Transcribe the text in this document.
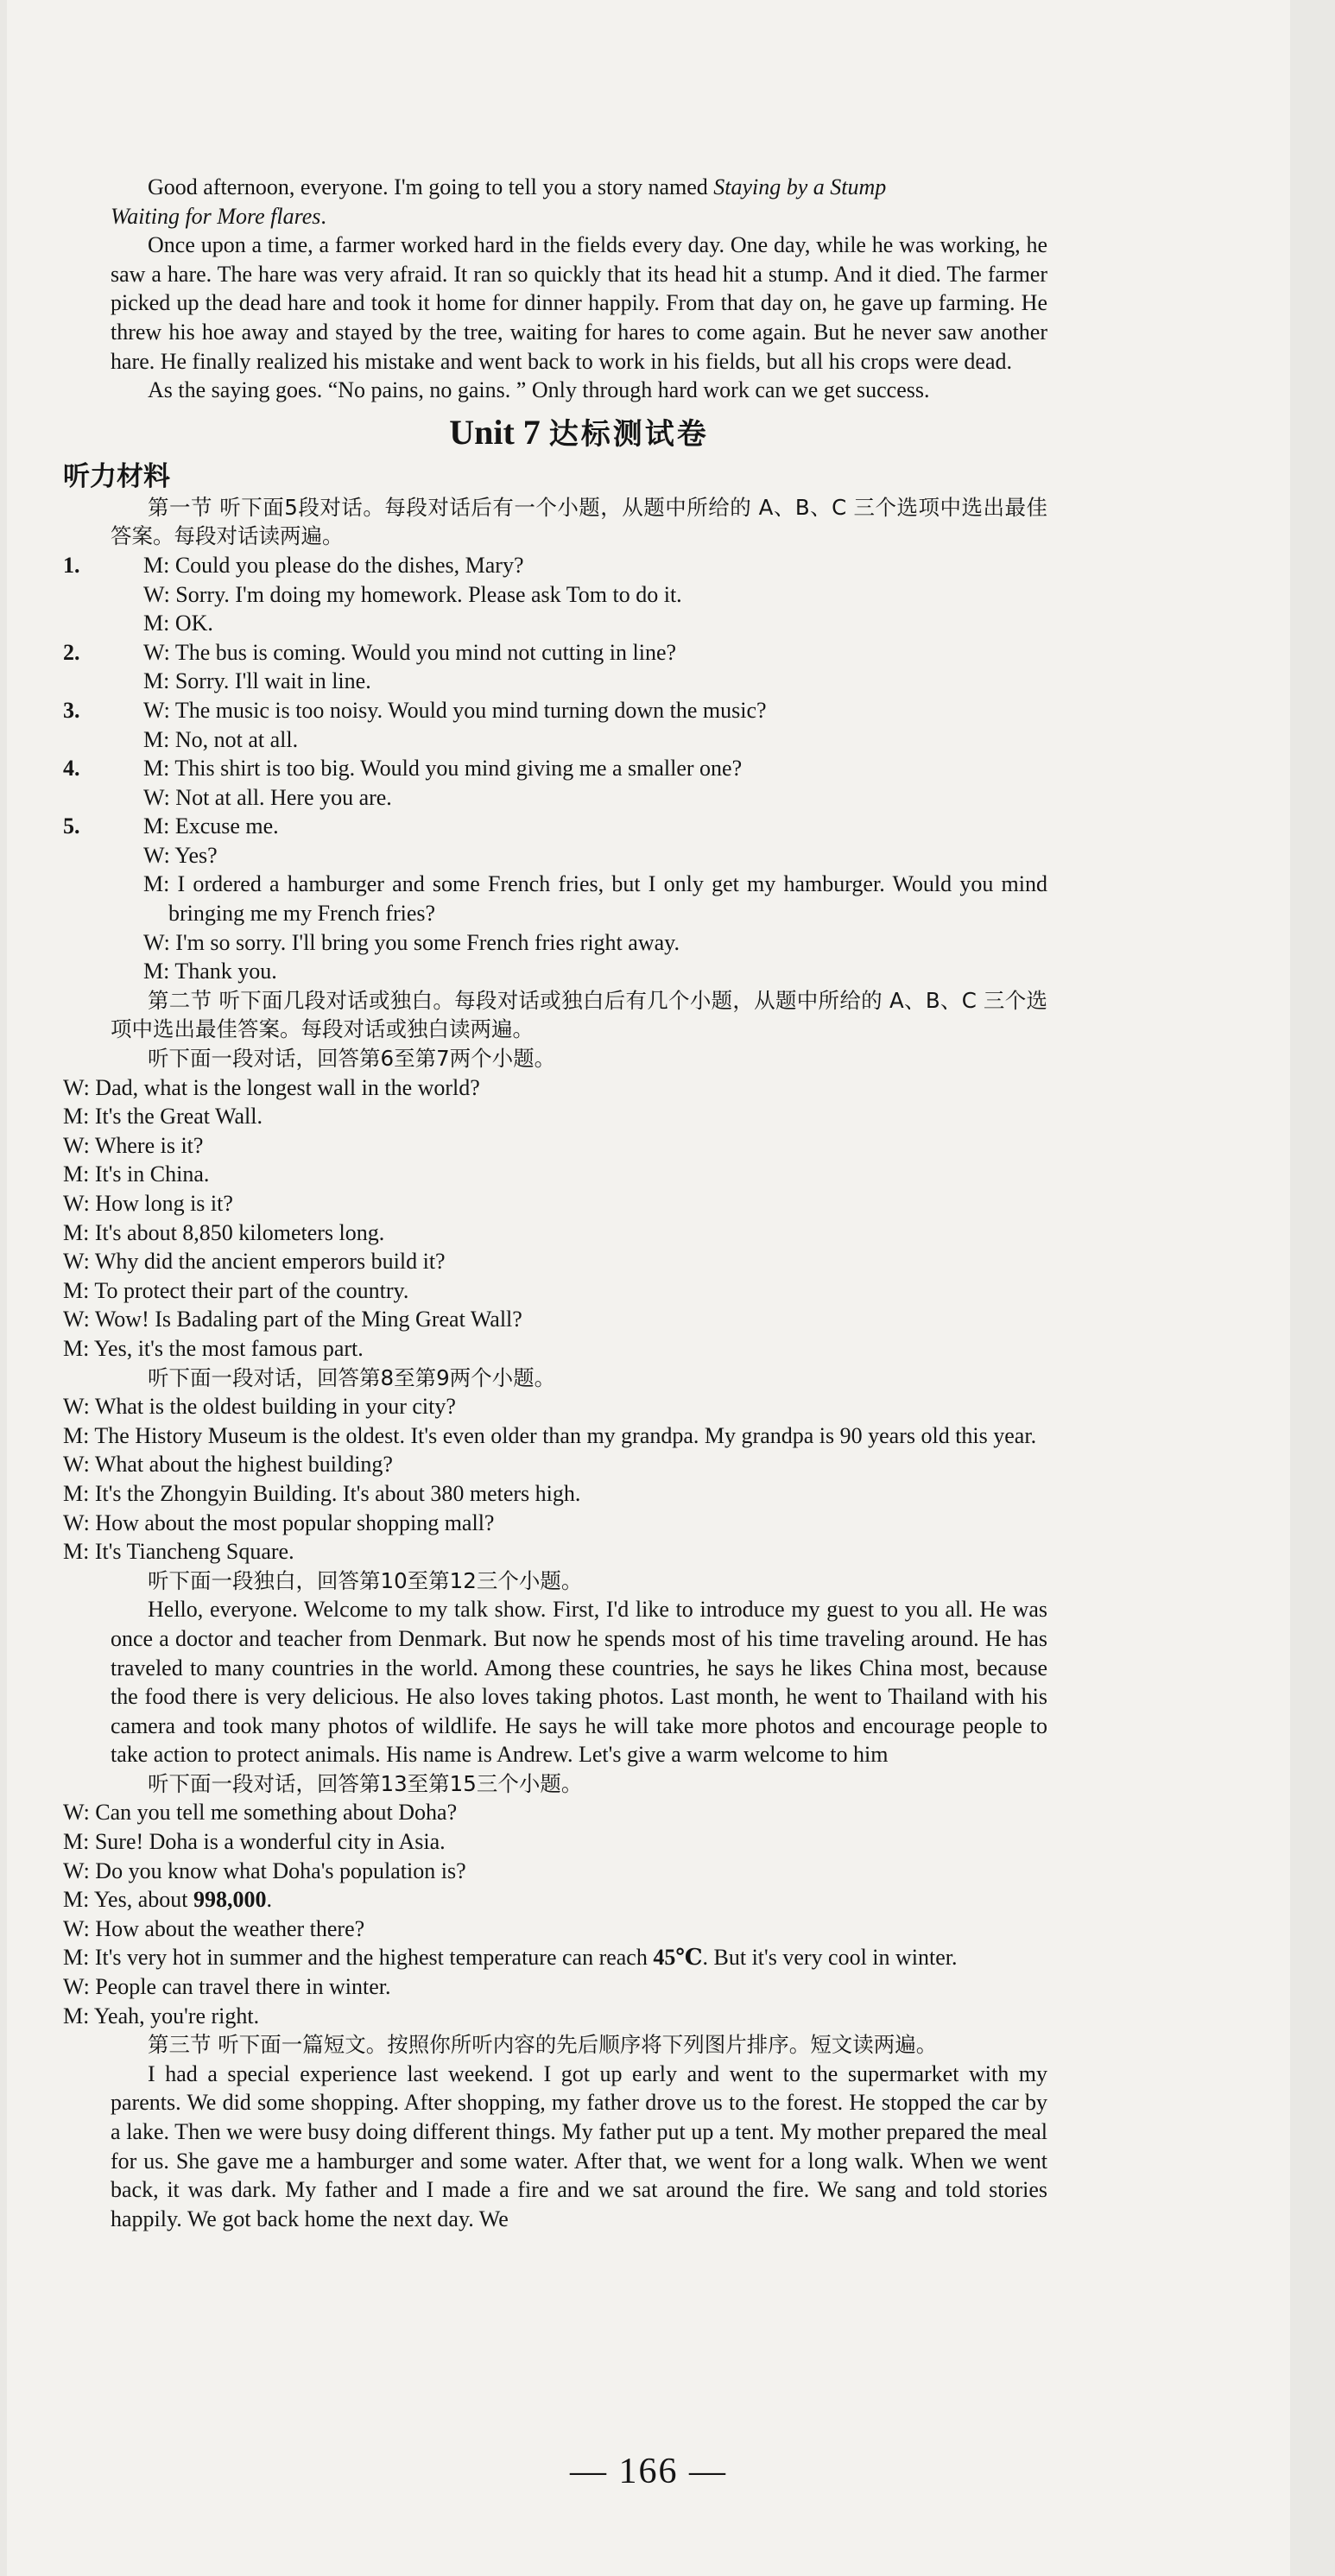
Good afternoon, everyone. I'm going to tell you a story named Staying by a Stump

Waiting for More flares.

Once upon a time, a farmer worked hard in the fields every day. One day, while he was working, he saw a hare. The hare was very afraid. It ran so quickly that its head hit a stump. And it died. The farmer picked up the dead hare and took it home for dinner happily. From that day on, he gave up farming. He threw his hoe away and stayed by the tree, waiting for hares to come again. But he never saw another hare. He finally realized his mistake and went back to work in his fields, but all his crops were dead.

As the saying goes. “No pains, no gains. ” Only through hard work can we get success.

Unit 7 达标测试卷
听力材料

第一节 听下面5段对话。每段对话后有一个小题，从题中所给的 A、B、C 三个选项中选出最佳答案。每段对话读两遍。

1.	M: Could you please do the dishes, Mary?

W: Sorry. I'm doing my homework. Please ask Tom to do it.

M: OK.

2.	W: The bus is coming. Would you mind not cutting in line?

M: Sorry. I'll wait in line.

3.	W: The music is too noisy. Would you mind turning down the music?

M: No, not at all.

4.	M: This shirt is too big. Would you mind giving me a smaller one?

W: Not at all. Here you are.

5.	M: Excuse me.

W: Yes?

M: I ordered a hamburger and some French fries, but I only get my hamburger. Would you mind bringing me my French fries?

W: I'm so sorry. I'll bring you some French fries right away.

M: Thank you.

第二节 听下面几段对话或独白。每段对话或独白后有几个小题，从题中所给的 A、B、C 三个选项中选出最佳答案。每段对话或独白读两遍。

听下面一段对话，回答第6至第7两个小题。

W: Dad, what is the longest wall in the world?

M: It's the Great Wall.

W: Where is it?

M: It's in China.

W: How long is it?

M: It's about 8,850 kilometers long.

W: Why did the ancient emperors build it?

M: To protect their part of the country.

W: Wow! Is Badaling part of the Ming Great Wall?

M: Yes, it's the most famous part.

听下面一段对话，回答第8至第9两个小题。

W: What is the oldest building in your city?

M: The History Museum is the oldest. It's even older than my grandpa. My grandpa is 90 years old this year.

W: What about the highest building?

M: It's the Zhongyin Building. It's about 380 meters high.

W: How about the most popular shopping mall?

M: It's Tiancheng Square.

听下面一段独白，回答第10至第12三个小题。

Hello, everyone. Welcome to my talk show. First, I'd like to introduce my guest to you all. He was once a doctor and teacher from Denmark. But now he spends most of his time traveling around. He has traveled to many countries in the world. Among these countries, he says he likes China most, because the food there is very delicious. He also loves taking photos. Last month, he went to Thailand with his camera and took many photos of wildlife. He says he will take more photos and encourage people to take action to protect animals. His name is Andrew. Let's give a warm welcome to him

听下面一段对话，回答第13至第15三个小题。

W: Can you tell me something about Doha?

M: Sure! Doha is a wonderful city in Asia.

W: Do you know what Doha's population is?

M: Yes, about 998,000.

W: How about the weather there?

M: It's very hot in summer and the highest temperature can reach 45℃. But it's very cool in winter.

W: People can travel there in winter.

M: Yeah, you're right.

第三节 听下面一篇短文。按照你所听内容的先后顺序将下列图片排序。短文读两遍。

I had a special experience last weekend. I got up early and went to the supermarket with my parents. We did some shopping. After shopping, my father drove us to the forest. He stopped the car by a lake. Then we were busy doing different things. My father put up a tent. My mother prepared the meal for us. She gave me a hamburger and some water. After that, we went for a long walk. When we went back, it was dark. My father and I made a fire and we sat around the fire. We sang and told stories happily. We got back home the next day. We

— 166 —
